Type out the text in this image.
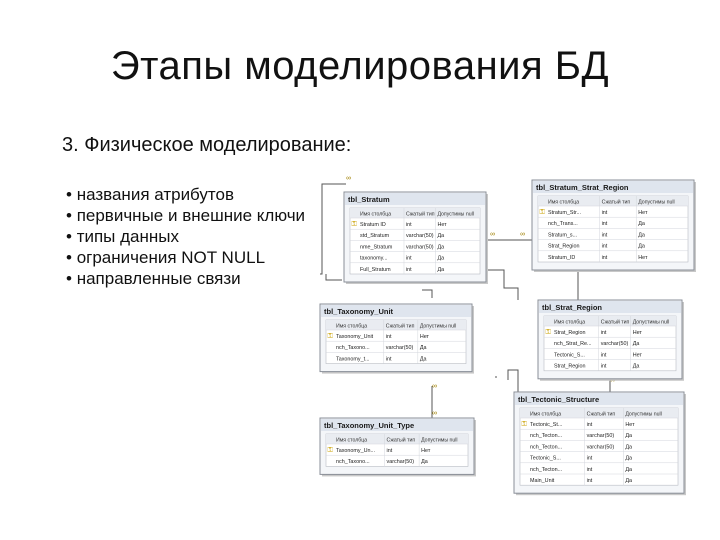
Этапы моделирования БД
3. Физическое моделирование:
• названия атрибутов
• первичные и внешние ключи
• типы данных
• ограничения NOT NULL
• направленные связи
∞
∞	∞
∞
∞
tbl_Stratum
Имя столбца	Сжатый тип Допустимы null
⚿ Stratum ID	int	Нет
std_Stratum	varchar(50) Да
nme_Stratum	varchar(50) Да
taxonomy...	int	Да
Full_Stratum	int	Да
tbl_Stratum_Strat_Region
Имя столбца	Сжатый тип Допустимы null
⚿ Stratum_Str...	int	Нет
nch_Trans...	int	Да
Stratum_s...	int	Да
Strat_Region	int	Да
Stratum_ID	int	Нет
tbl_Taxonomy_Unit
Имя столбца	Сжатый тип Допустимы null
⚿ Taxonomy_Unit int	Нет
nch_Taxono...	varchar(50) Да
Taxonomy_t...	int	Да
tbl_Strat_Region
Имя столбца	Сжатый тип Допустимы null
⚿ Strat_Region	int	Нет
nch_Strat_Re... varchar(50) Да
Tectonic_S...	int	Нет
Strat_Region	int	Да
tbl_Taxonomy_Unit_Type
Имя столбца	Сжатый тип Допустимы null
⚿ Taxonomy_Un... int	Нет
nch_Taxono...	varchar(50) Да
tbl_Tectonic_Structure
Имя столбца	Сжатый тип Допустимы null
⚿ Tectonic_St...	int	Нет
nch_Tecton...	varchar(50) Да
nch_Tecton...	varchar(50) Да
Tectonic_S...	int	Да
nch_Tecton...	int	Да
Main_Unit	int	Да
